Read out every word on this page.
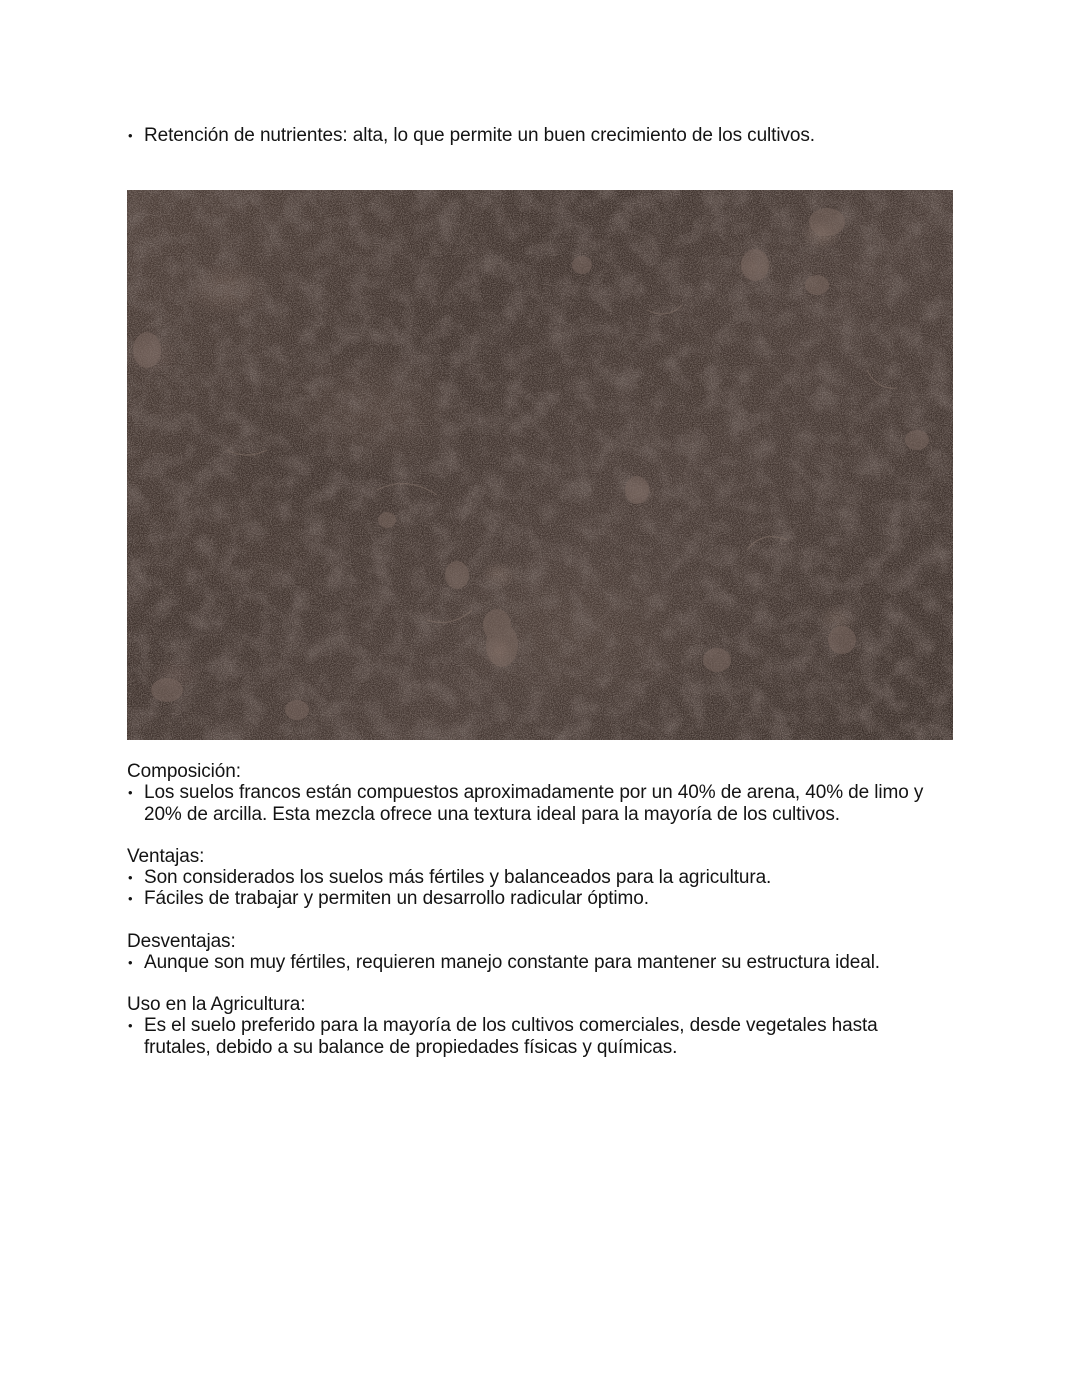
• Retención de nutrientes: alta, lo que permite un buen crecimiento de los cultivos.
Composición:
• Los suelos francos están compuestos aproximadamente por un 40% de arena, 40% de limo y 20% de arcilla. Esta mezcla ofrece una textura ideal para la mayoría de los cultivos.
Ventajas:
• Son considerados los suelos más fértiles y balanceados para la agricultura.
• Fáciles de trabajar y permiten un desarrollo radicular óptimo.
Desventajas:
• Aunque son muy fértiles, requieren manejo constante para mantener su estructura ideal.
Uso en la Agricultura:
• Es el suelo preferido para la mayoría de los cultivos comerciales, desde vegetales hasta frutales, debido a su balance de propiedades físicas y químicas.
